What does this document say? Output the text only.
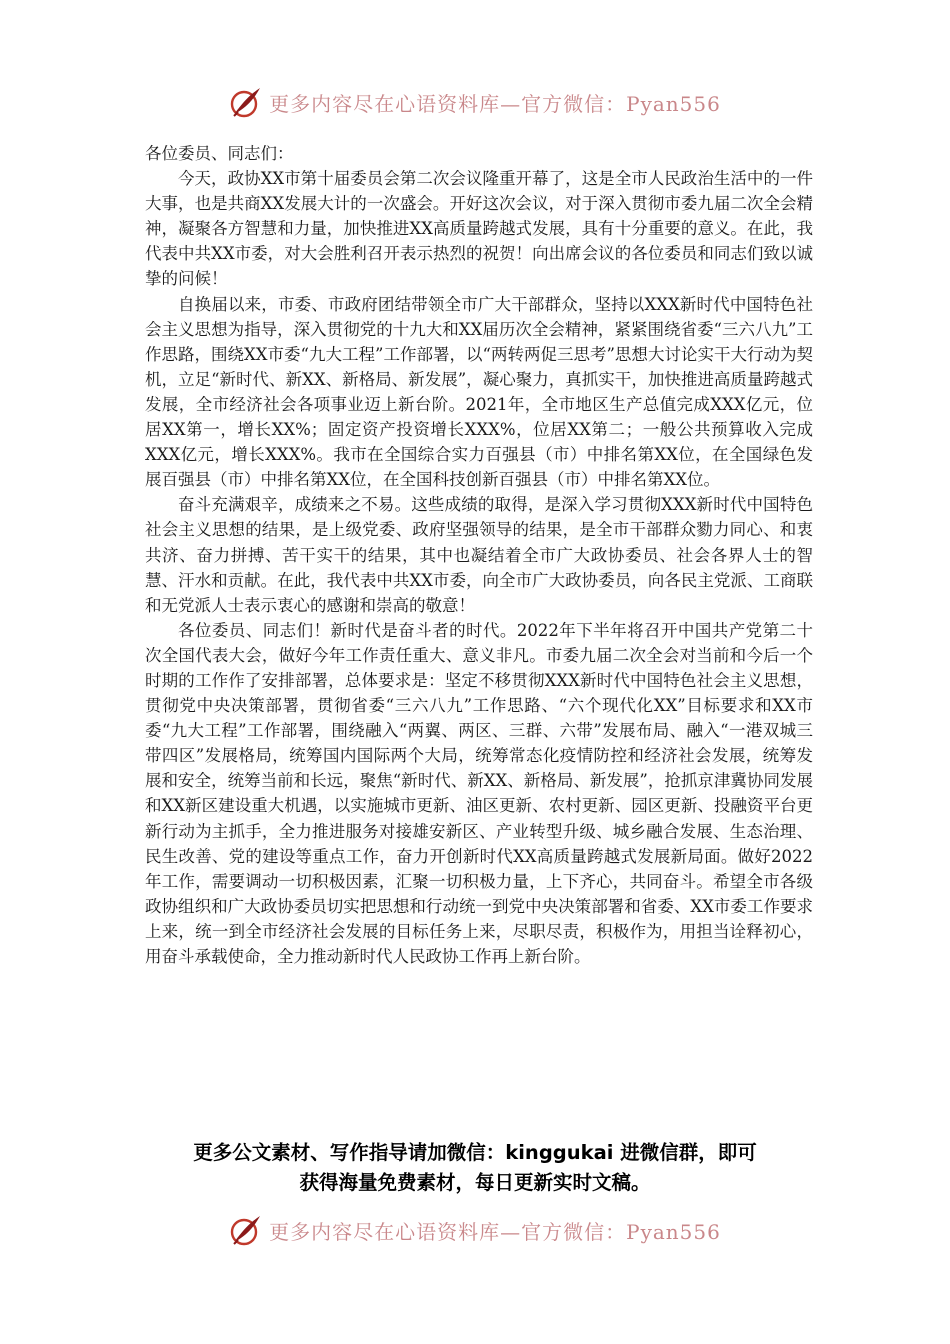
更多内容尽在心语资料库—官方微信：Pyan556

各位委员、同志们：

今天，政协XX市第十届委员会第二次会议隆重开幕了，这是全市人民政治生活中的一件大事，也是共商XX发展大计的一次盛会。开好这次会议，对于深入贯彻市委九届二次全会精神，凝聚各方智慧和力量，加快推进XX高质量跨越式发展，具有十分重要的意义。在此，我代表中共XX市委，对大会胜利召开表示热烈的祝贺！向出席会议的各位委员和同志们致以诚挚的问候！

自换届以来，市委、市政府团结带领全市广大干部群众，坚持以XXX新时代中国特色社会主义思想为指导，深入贯彻党的十九大和XX届历次全会精神，紧紧围绕省委“三六八九”工作思路，围绕XX市委“九大工程”工作部署，以“两转两促三思考”思想大讨论实干大行动为契机，立足“新时代、新XX、新格局、新发展”，凝心聚力，真抓实干，加快推进高质量跨越式发展，全市经济社会各项事业迈上新台阶。2021年，全市地区生产总值完成XXX亿元，位居XX第一，增长XX%；固定资产投资增长XXX%，位居XX第二；一般公共预算收入完成XXX亿元，增长XXX%。我市在全国综合实力百强县（市）中排名第XX位，在全国绿色发展百强县（市）中排名第XX位，在全国科技创新百强县（市）中排名第XX位。

奋斗充满艰辛，成绩来之不易。这些成绩的取得，是深入学习贯彻XXX新时代中国特色社会主义思想的结果，是上级党委、政府坚强领导的结果，是全市干部群众勠力同心、和衷共济、奋力拼搏、苦干实干的结果，其中也凝结着全市广大政协委员、社会各界人士的智慧、汗水和贡献。在此，我代表中共XX市委，向全市广大政协委员，向各民主党派、工商联和无党派人士表示衷心的感谢和崇高的敬意！

各位委员、同志们！新时代是奋斗者的时代。2022年下半年将召开中国共产党第二十次全国代表大会，做好今年工作责任重大、意义非凡。市委九届二次全会对当前和今后一个时期的工作作了安排部署，总体要求是：坚定不移贯彻XXX新时代中国特色社会主义思想，贯彻党中央决策部署，贯彻省委“三六八九”工作思路、“六个现代化XX”目标要求和XX市委“九大工程”工作部署，围绕融入“两翼、两区、三群、六带”发展布局、融入“一港双城三带四区”发展格局，统筹国内国际两个大局，统筹常态化疫情防控和经济社会发展，统筹发展和安全，统筹当前和长远，聚焦“新时代、新XX、新格局、新发展”，抢抓京津冀协同发展和XX新区建设重大机遇，以实施城市更新、油区更新、农村更新、园区更新、投融资平台更新行动为主抓手，全力推进服务对接雄安新区、产业转型升级、城乡融合发展、生态治理、民生改善、党的建设等重点工作，奋力开创新时代XX高质量跨越式发展新局面。做好2022年工作，需要调动一切积极因素，汇聚一切积极力量，上下齐心，共同奋斗。希望全市各级政协组织和广大政协委员切实把思想和行动统一到党中央决策部署和省委、XX市委工作要求上来，统一到全市经济社会发展的目标任务上来，尽职尽责，积极作为，用担当诠释初心，用奋斗承载使命，全力推动新时代人民政协工作再上新台阶。

更多公文素材、写作指导请加微信：kinggukai 进微信群，即可
获得海量免费素材，每日更新实时文稿。
更多内容尽在心语资料库—官方微信：Pyan556
